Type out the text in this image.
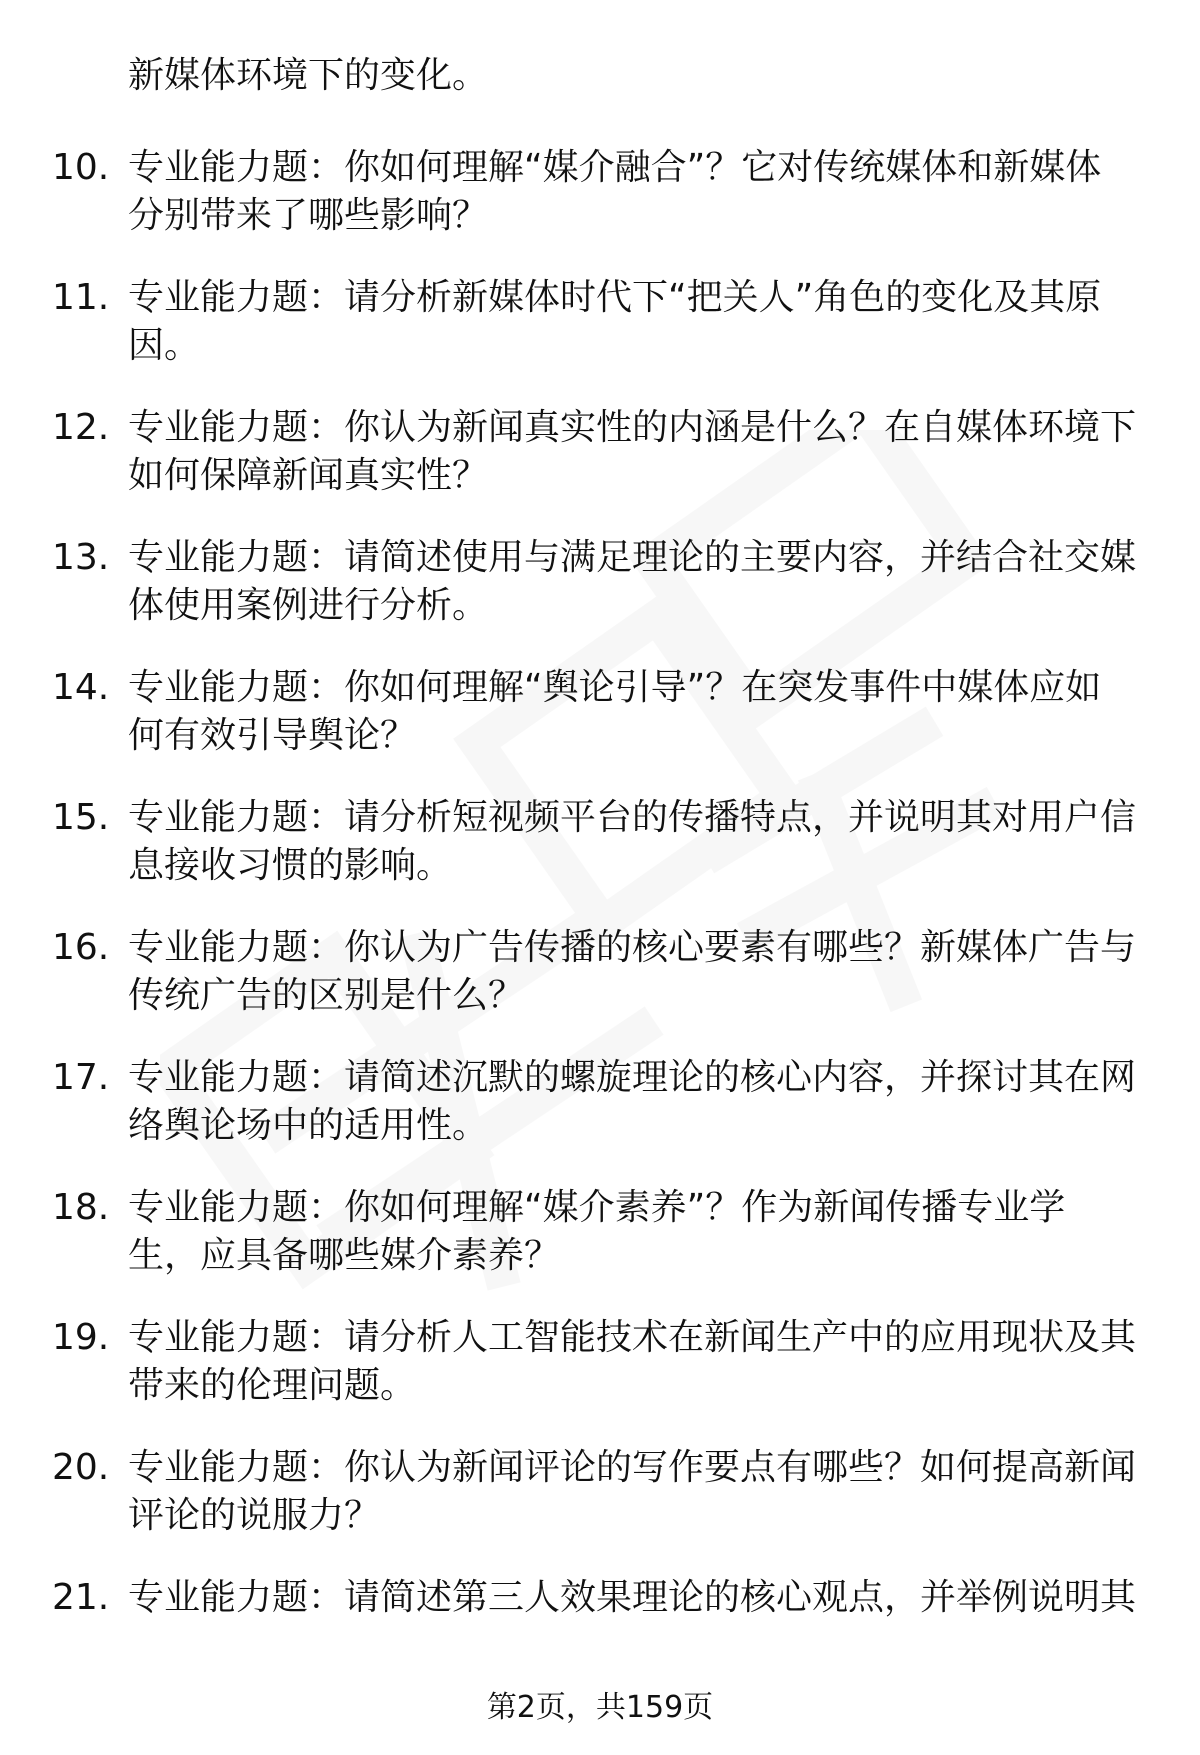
新媒体环境下的变化。
10. 专业能力题：你如何理解“媒介融合”？它对传统媒体和新媒体
分别带来了哪些影响？
11. 专业能力题：请分析新媒体时代下“把关人”角色的变化及其原
因。
12. 专业能力题：你认为新闻真实性的内涵是什么？在自媒体环境下
如何保障新闻真实性？
13. 专业能力题：请简述使用与满足理论的主要内容，并结合社交媒
体使用案例进行分析。
14. 专业能力题：你如何理解“舆论引导”？在突发事件中媒体应如
何有效引导舆论？
15. 专业能力题：请分析短视频平台的传播特点，并说明其对用户信
息接收习惯的影响。
16. 专业能力题：你认为广告传播的核心要素有哪些？新媒体广告与
传统广告的区别是什么？
17. 专业能力题：请简述沉默的螺旋理论的核心内容，并探讨其在网
络舆论场中的适用性。
18. 专业能力题：你如何理解“媒介素养”？作为新闻传播专业学
生，应具备哪些媒介素养？
19. 专业能力题：请分析人工智能技术在新闻生产中的应用现状及其
带来的伦理问题。
20. 专业能力题：你认为新闻评论的写作要点有哪些？如何提高新闻
评论的说服力？
21. 专业能力题：请简述第三人效果理论的核心观点，并举例说明其
第2页，共159页
